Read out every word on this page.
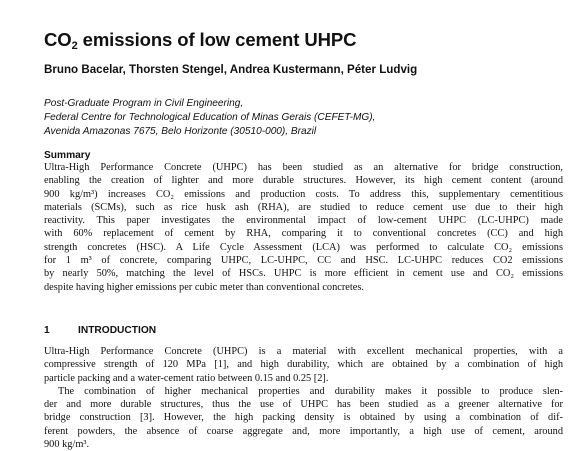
$CO_2$ emissions of low cement UHPC
Bruno Bacelar, Thorsten Stengel, Andrea Kustermann, Péter Ludvig
Post-Graduate Program in Civil Engineering,
Federal Centre for Technological Education of Minas Gerais (CEFET-MG),
Avenida Amazonas 7675, Belo Horizonte (30510-000), Brazil
Summary
Ultra-High Performance Concrete (UHPC) has been studied as an alternative for bridge construction,
enabling the creation of lighter and more durable structures. However, its high cement content (around
900 kg/m³) increases CO₂ emissions and production costs. To address this, supplementary cementitious
materials (SCMs), such as rice husk ash (RHA), are studied to reduce cement use due to their high
reactivity. This paper investigates the environmental impact of low-cement UHPC (LC-UHPC) made
with 60% replacement of cement by RHA, comparing it to conventional concretes (CC) and high
strength concretes (HSC). A Life Cycle Assessment (LCA) was performed to calculate CO₂ emissions
for 1 m³ of concrete, comparing UHPC, LC-UHPC, CC and HSC. LC-UHPC reduces CO2 emissions
by nearly 50%, matching the level of HSCs. UHPC is more efficient in cement use and CO₂ emissions
despite having higher emissions per cubic meter than conventional concretes.
1	INTRODUCTION
Ultra-High Performance Concrete (UHPC) is a material with excellent mechanical properties, with a
compressive strength of 120 MPa [1], and high durability, which are obtained by a combination of high
particle packing and a water-cement ratio between 0.15 and 0.25 [2].
The combination of higher mechanical properties and durability makes it possible to produce slen-
der and more durable structures, thus the use of UHPC has been studied as a greener alternative for
bridge construction [3]. However, the high packing density is obtained by using a combination of dif-
ferent powders, the absence of coarse aggregate and, more importantly, a high use of cement, around
900 kg/m³.
